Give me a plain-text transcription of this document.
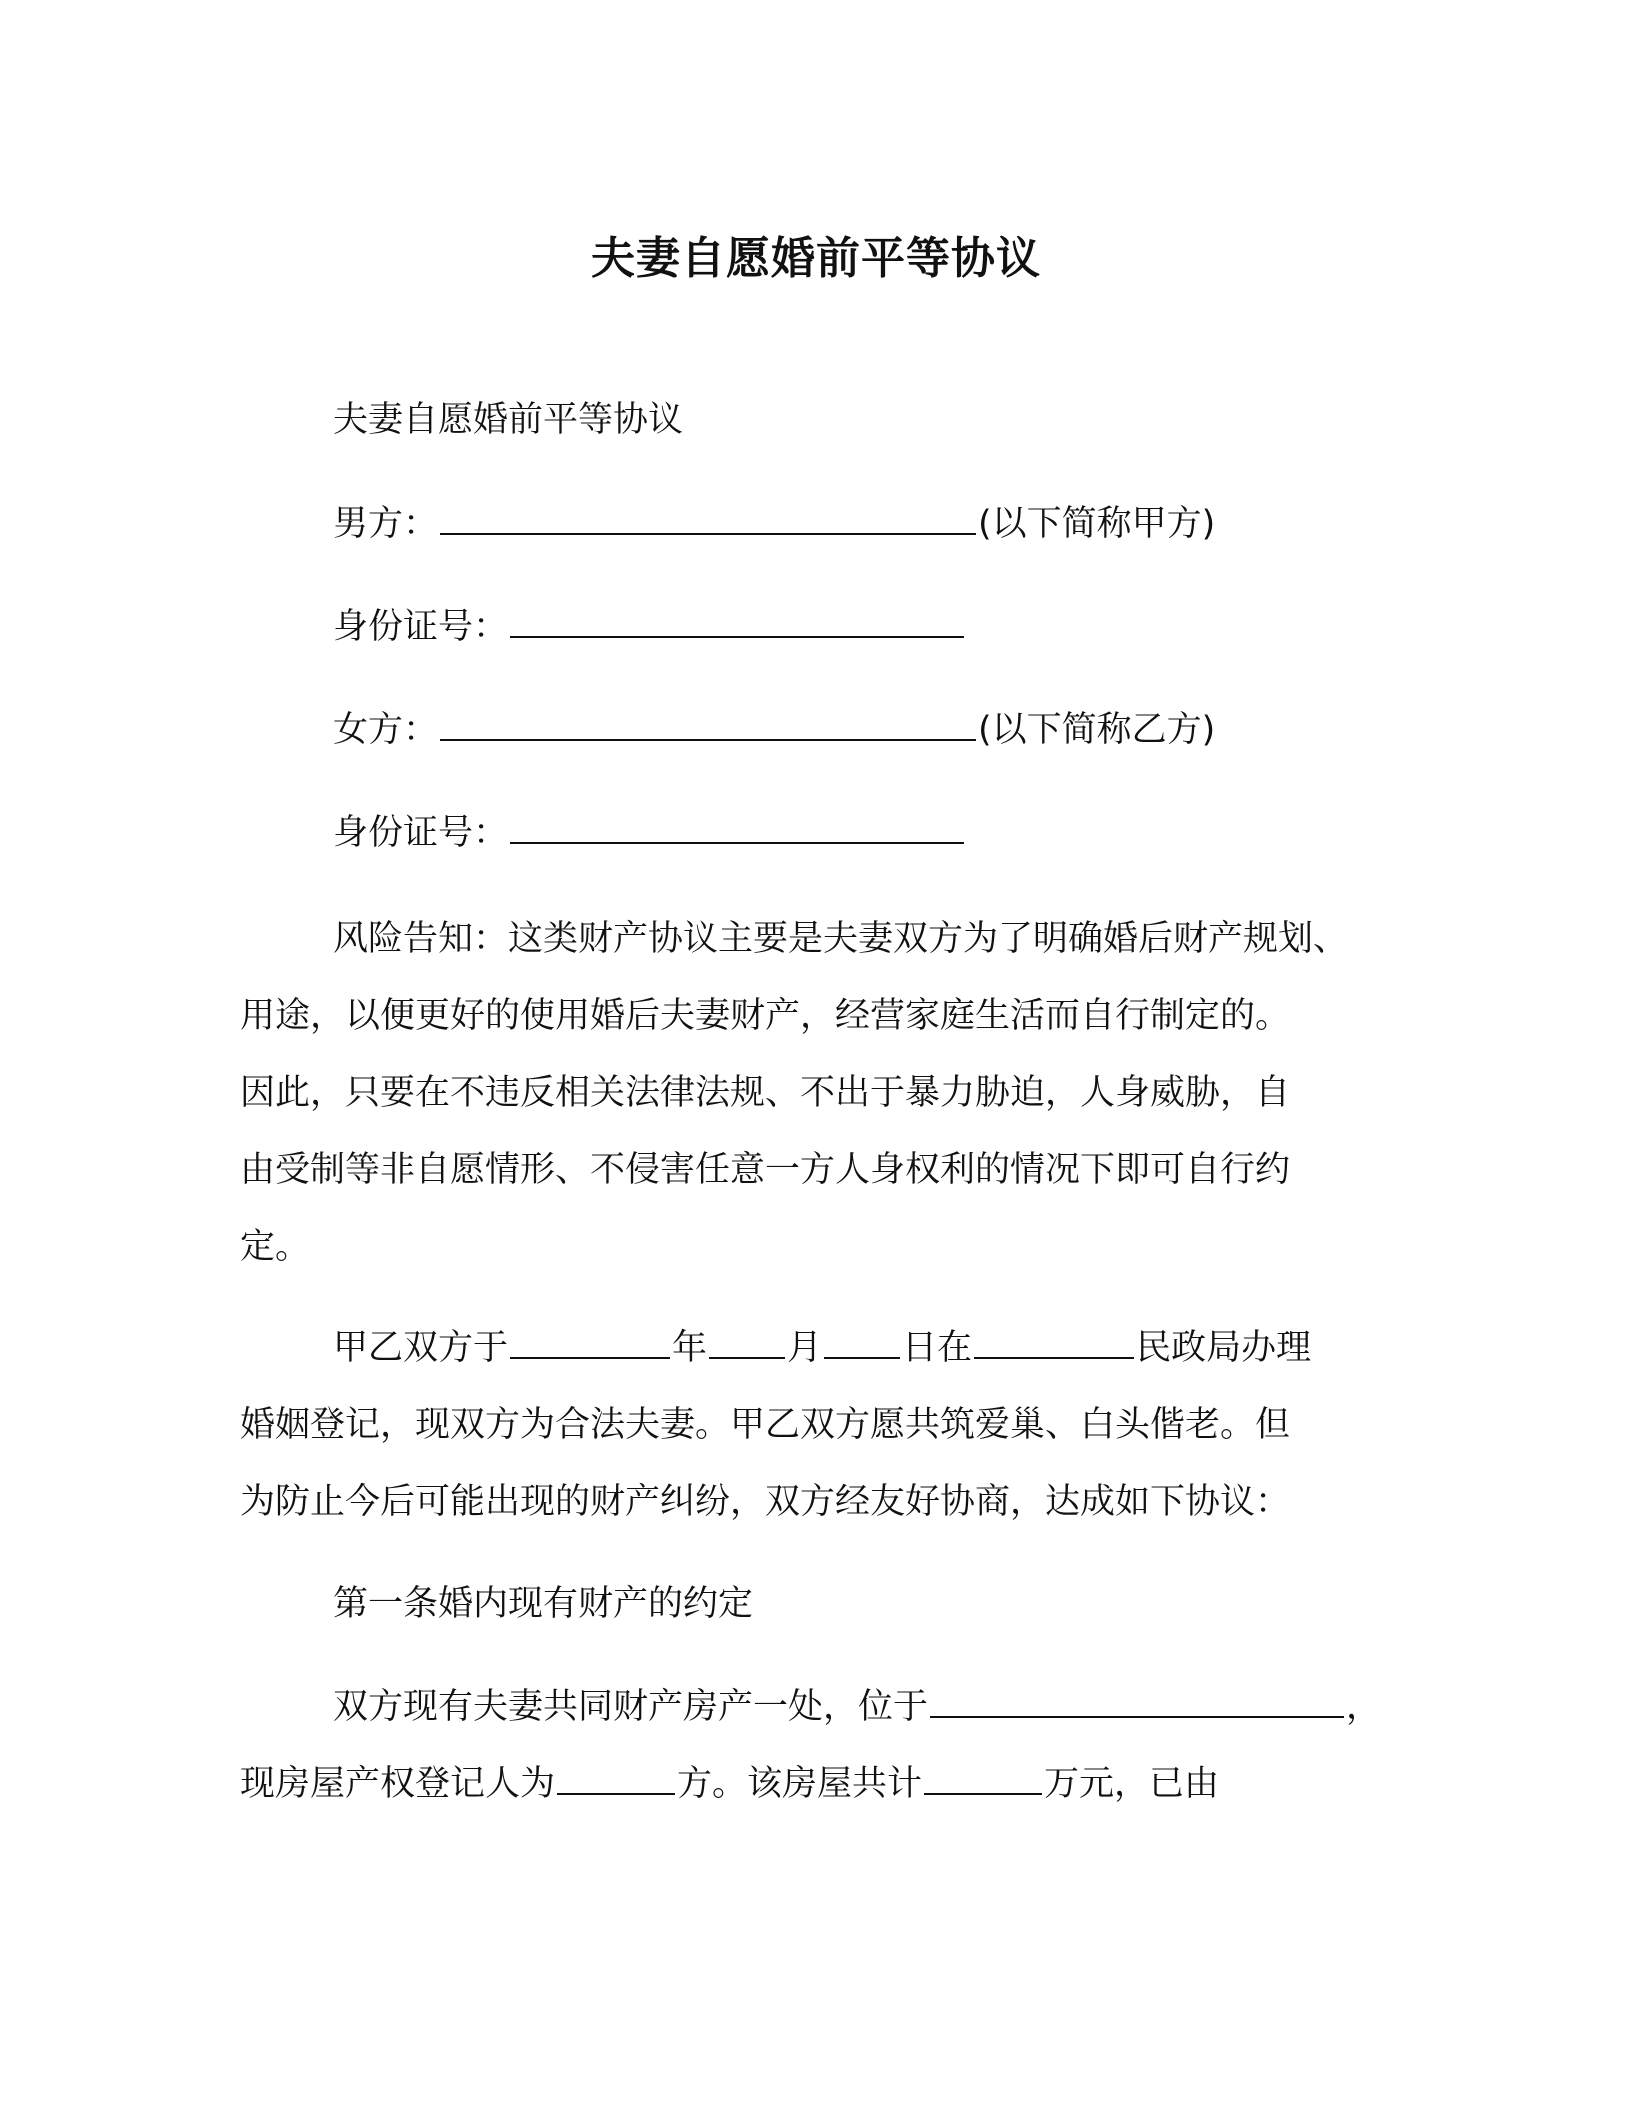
夫妻自愿婚前平等协议
夫妻自愿婚前平等协议
男方：	(以下简称甲方)
身份证号：
女方：	(以下简称乙方)
身份证号：
风险告知：这类财产协议主要是夫妻双方为了明确婚后财产规划、
用途，以便更好的使用婚后夫妻财产，经营家庭生活而自行制定的。
因此，只要在不违反相关法律法规、不出于暴力胁迫，人身威胁，自
由受制等非自愿情形、不侵害任意一方人身权利的情况下即可自行约
定。
甲乙双方于	年 月 日在	民政局办理
婚姻登记，现双方为合法夫妻。甲乙双方愿共筑爱巢、白头偕老。但
为防止今后可能出现的财产纠纷，双方经友好协商，达成如下协议：
第一条婚内现有财产的约定
双方现有夫妻共同财产房产一处，位于	，
现房屋产权登记人为	方。该房屋共计	万元，已由
